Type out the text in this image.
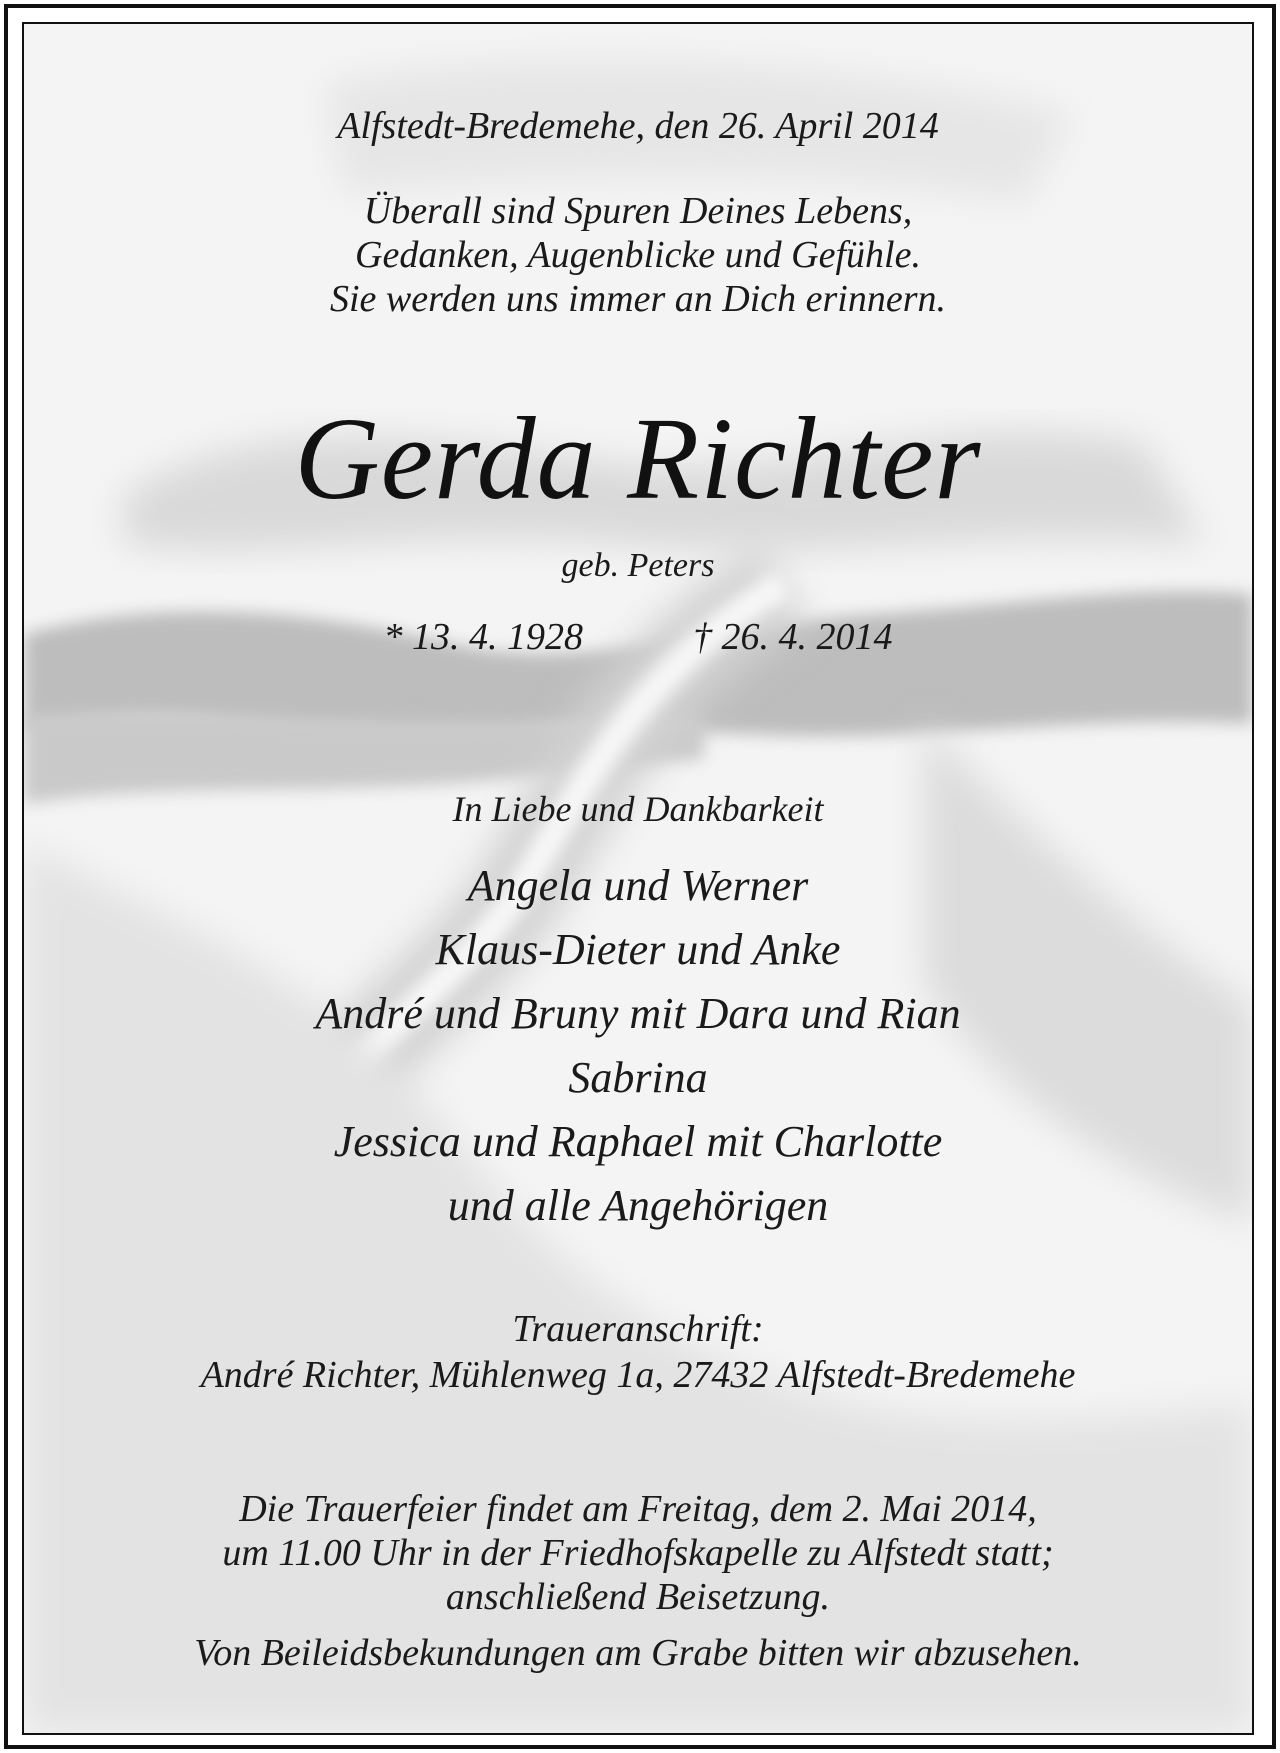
Alfstedt-Bredemehe, den 26. April 2014

Überall sind Spuren Deines Lebens,
Gedanken, Augenblicke und Gefühle.
Sie werden uns immer an Dich erinnern.

Gerda Richter

geb. Peters

* 13. 4. 1928	† 26. 4. 2014

In Liebe und Dankbarkeit

Angela und Werner
Klaus-Dieter und Anke
André und Bruny mit Dara und Rian
Sabrina
Jessica und Raphael mit Charlotte
und alle Angehörigen

Traueranschrift:

André Richter, Mühlenweg 1a, 27432 Alfstedt-Bredemehe

Die Trauerfeier findet am Freitag, dem 2. Mai 2014,
um 11.00 Uhr in der Friedhofskapelle zu Alfstedt statt;
anschließend Beisetzung.

Von Beileidsbekundungen am Grabe bitten wir abzusehen.
